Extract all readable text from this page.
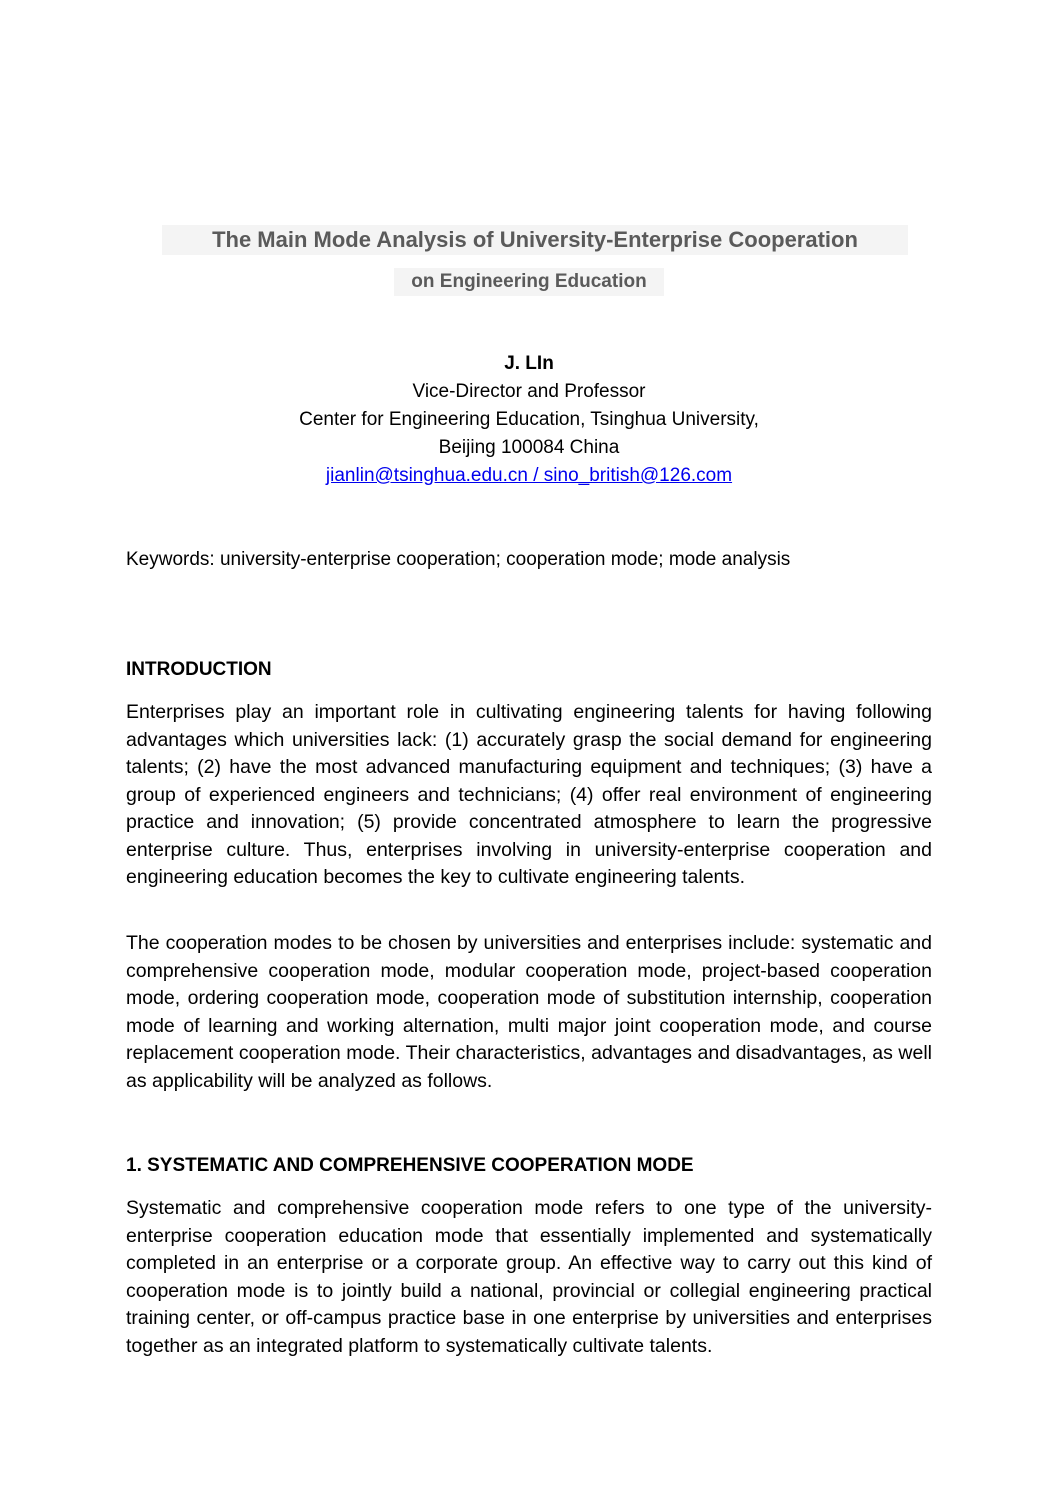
The Main Mode Analysis of University-Enterprise Cooperation
on Engineering Education
J. LIn
Vice-Director and Professor
Center for Engineering Education, Tsinghua University,
Beijing 100084 China
jianlin@tsinghua.edu.cn / sino_british@126.com
Keywords: university-enterprise cooperation; cooperation mode; mode analysis
INTRODUCTION

Enterprises play an important role in cultivating engineering talents for having following advantages which universities lack: (1) accurately grasp the social demand for engineering talents; (2) have the most advanced manufacturing equipment and techniques; (3) have a group of experienced engineers and technicians; (4) offer real environment of engineering practice and innovation; (5) provide concentrated atmosphere to learn the progressive enterprise culture. Thus, enterprises involving in university-enterprise cooperation and engineering education becomes the key to cultivate engineering talents.

The cooperation modes to be chosen by universities and enterprises include: systematic and comprehensive cooperation mode, modular cooperation mode, project-based cooperation mode, ordering cooperation mode, cooperation mode of substitution internship, cooperation mode of learning and working alternation, multi major joint cooperation mode, and course replacement cooperation mode. Their characteristics, advantages and disadvantages, as well as applicability will be analyzed as follows.

1. SYSTEMATIC AND COMPREHENSIVE COOPERATION MODE

Systematic and comprehensive cooperation mode refers to one type of the university-enterprise cooperation education mode that essentially implemented and systematically completed in an enterprise or a corporate group. An effective way to carry out this kind of cooperation mode is to jointly build a national, provincial or collegial engineering practical training center, or off-campus practice base in one enterprise by universities and enterprises together as an integrated platform to systematically cultivate talents.
